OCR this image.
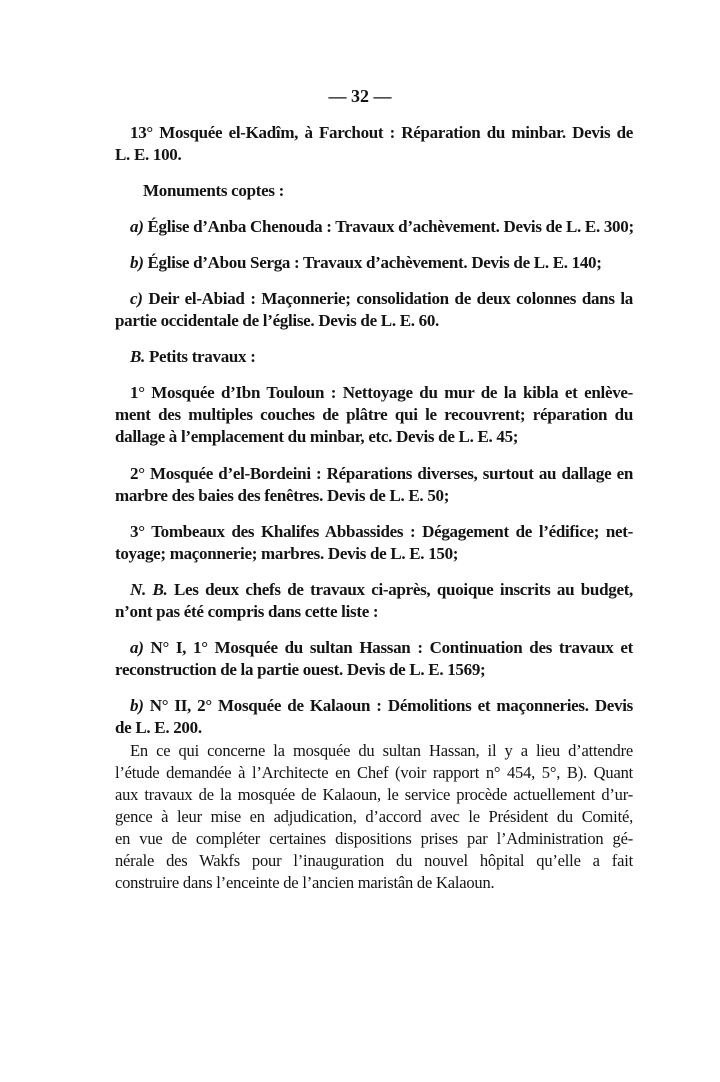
— 32 —
13° Mosquée el-Kadîm, à Farchout : Réparation du minbar. Devis de
L. E. 100.
Monuments coptes :
a) Église d’Anba Chenouda : Travaux d’achèvement. Devis de L. E. 300;
b) Église d’Abou Serga : Travaux d’achèvement. Devis de L. E. 140;
c) Deir el-Abiad : Maçonnerie; consolidation de deux colonnes dans la
partie occidentale de l’église. Devis de L. E. 60.
B. Petits travaux :
1° Mosquée d’Ibn Touloun : Nettoyage du mur de la kibla et enlève-
ment des multiples couches de plâtre qui le recouvrent; réparation du
dallage à l’emplacement du minbar, etc. Devis de L. E. 45;
2° Mosquée d’el-Bordeini : Réparations diverses, surtout au dallage en
marbre des baies des fenêtres. Devis de L. E. 50;
3° Tombeaux des Khalifes Abbassides : Dégagement de l’édifice; net-
toyage; maçonnerie; marbres. Devis de L. E. 150;
N. B. Les deux chefs de travaux ci-après, quoique inscrits au budget,
n’ont pas été compris dans cette liste :
a) N° I, 1° Mosquée du sultan Hassan : Continuation des travaux et
reconstruction de la partie ouest. Devis de L. E. 1569;
b) N° II, 2° Mosquée de Kalaoun : Démolitions et maçonneries. Devis
de L. E. 200.
En ce qui concerne la mosquée du sultan Hassan, il y a lieu d’attendre
l’étude demandée à l’Architecte en Chef (voir rapport n° 454, 5°, B). Quant
aux travaux de la mosquée de Kalaoun, le service procède actuellement d’ur-
gence à leur mise en adjudication, d’accord avec le Président du Comité,
en vue de compléter certaines dispositions prises par l’Administration gé-
nérale des Wakfs pour l’inauguration du nouvel hôpital qu’elle a fait
construire dans l’enceinte de l’ancien maristân de Kalaoun.
